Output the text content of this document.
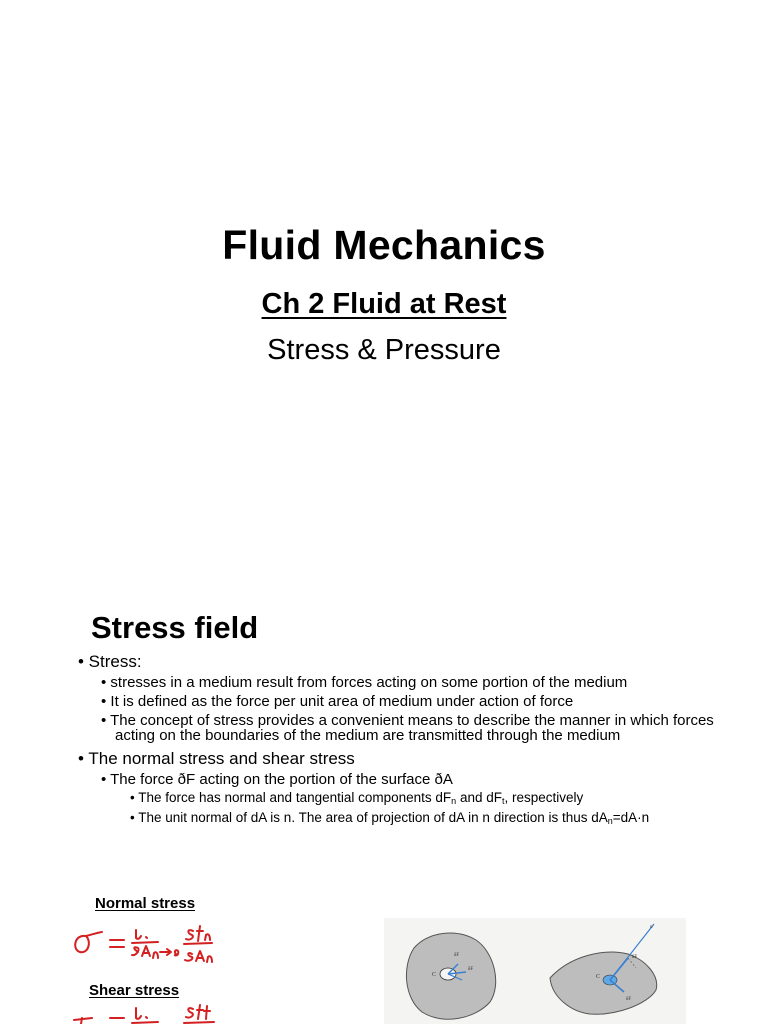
Fluid Mechanics
Ch 2 Fluid at Rest
Stress & Pressure
Stress field
• Stress:
• stresses in a medium result from forces acting on some portion of the medium
• It is defined as the force per unit area of medium under action of force
• The concept of stress provides a convenient means to describe the manner in which forces acting on the boundaries of the medium are transmitted through the medium
• The normal stress and shear stress
• The force ðF acting on the portion of the surface ðA
• The force has normal and tangential components $dF_n$ and $dF_t$, respectively
• The unit normal of dA is n. The area of projection of dA in n direction is thus $dA_n=dA\cdot n$
Normal stress
Shear stress
C
δF
δF
n
C
δF
δF
